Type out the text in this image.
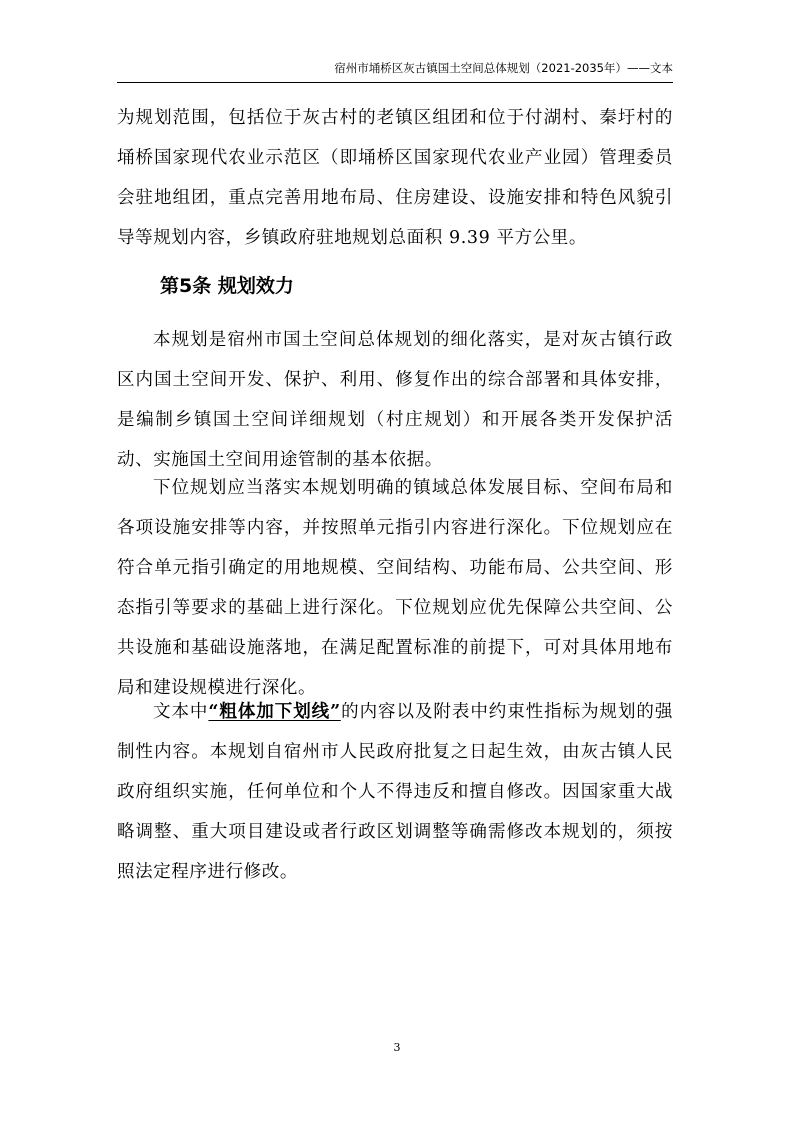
宿州市埇桥区灰古镇国土空间总体规划（2021-2035年）——文本

为规划范围，包括位于灰古村的老镇区组团和位于付湖村、秦圩村的埇桥国家现代农业示范区（即埇桥区国家现代农业产业园）管理委员会驻地组团，重点完善用地布局、住房建设、设施安排和特色风貌引导等规划内容，乡镇政府驻地规划总面积 9.39 平方公里。

第5条 规划效力

本规划是宿州市国土空间总体规划的细化落实，是对灰古镇行政区内国土空间开发、保护、利用、修复作出的综合部署和具体安排，是编制乡镇国土空间详细规划（村庄规划）和开展各类开发保护活动、实施国土空间用途管制的基本依据。

下位规划应当落实本规划明确的镇域总体发展目标、空间布局和各项设施安排等内容，并按照单元指引内容进行深化。下位规划应在符合单元指引确定的用地规模、空间结构、功能布局、公共空间、形态指引等要求的基础上进行深化。下位规划应优先保障公共空间、公共设施和基础设施落地，在满足配置标准的前提下，可对具体用地布局和建设规模进行深化。

文本中“粗体加下划线”的内容以及附表中约束性指标为规划的强制性内容。本规划自宿州市人民政府批复之日起生效，由灰古镇人民政府组织实施，任何单位和个人不得违反和擅自修改。因国家重大战略调整、重大项目建设或者行政区划调整等确需修改本规划的，须按照法定程序进行修改。

3
